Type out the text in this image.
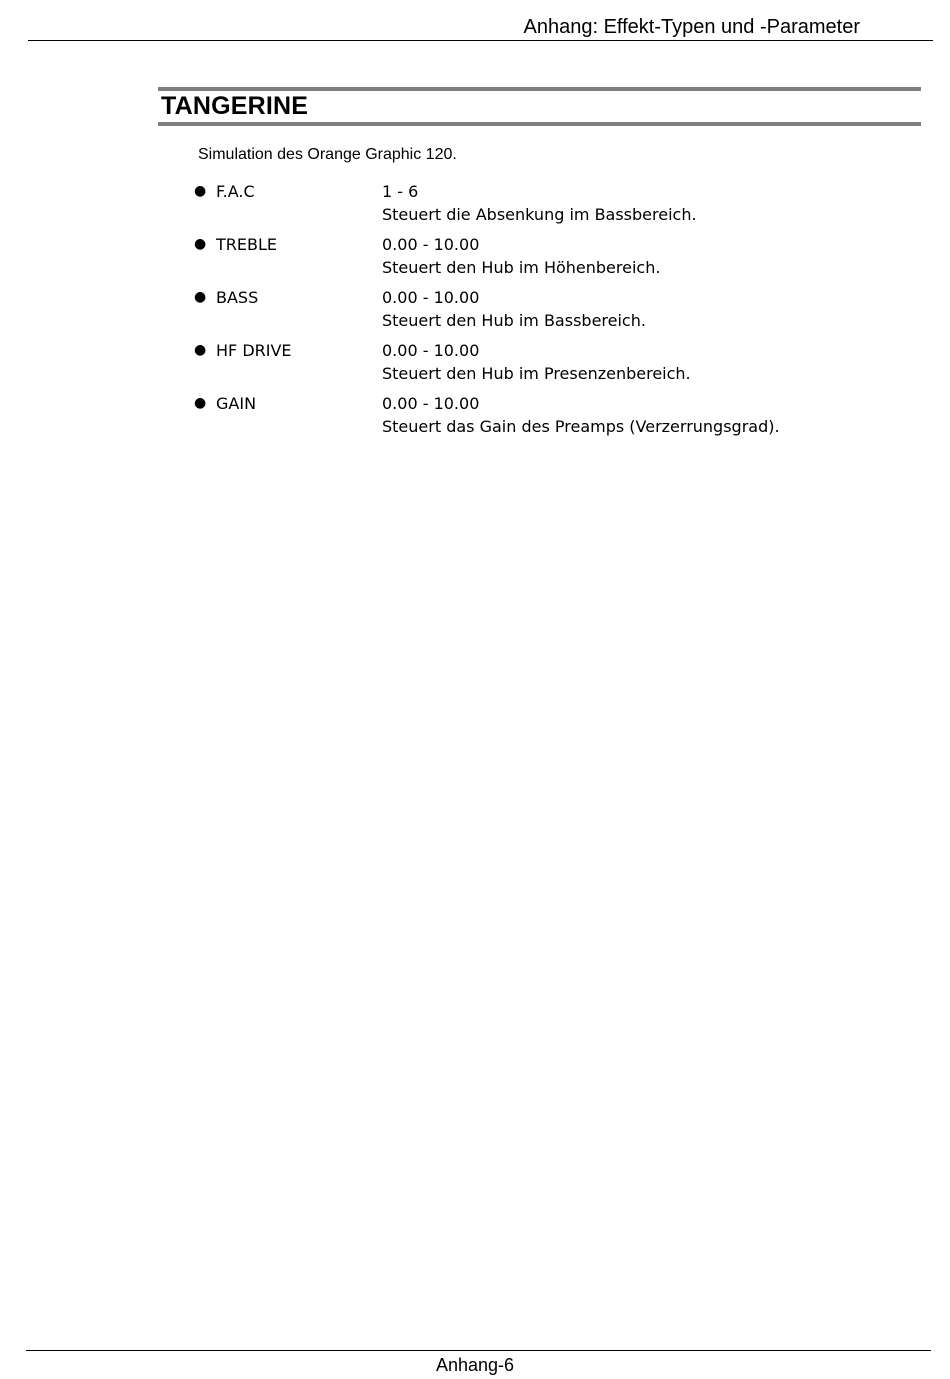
Anhang: Effekt-Typen und -Parameter
TANGERINE

Simulation des Orange Graphic 120.

● F.A.C	1 - 6
Steuert die Absenkung im Bassbereich.
● TREBLE	0.00 - 10.00
Steuert den Hub im Höhenbereich.
● BASS	0.00 - 10.00
Steuert den Hub im Bassbereich.
● HF DRIVE	0.00 - 10.00
Steuert den Hub im Presenzenbereich.
● GAIN	0.00 - 10.00
Steuert das Gain des Preamps (Verzerrungsgrad).
Anhang-6
